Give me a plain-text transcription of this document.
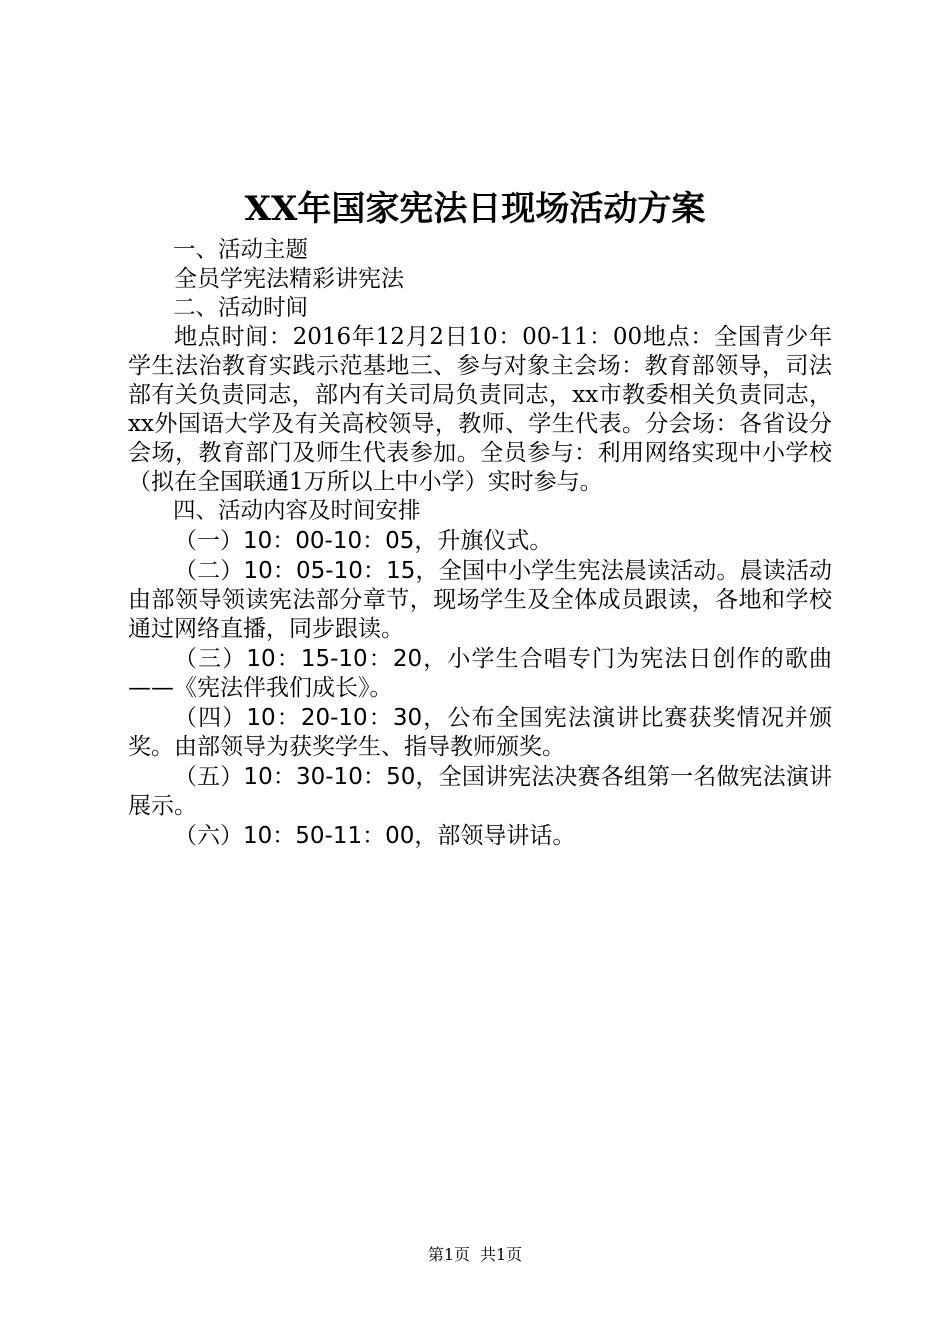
XX年国家宪法日现场活动方案

一、活动主题

全员学宪法精彩讲宪法

二、活动时间

地点时间：2016年12月2日10：00-11：00地点：全国青少年学生法治教育实践示范基地三、参与对象主会场：教育部领导，司法部有关负责同志，部内有关司局负责同志，xx市教委相关负责同志，xx外国语大学及有关高校领导，教师、学生代表。分会场：各省设分会场，教育部门及师生代表参加。全员参与：利用网络实现中小学校（拟在全国联通1万所以上中小学）实时参与。

四、活动内容及时间安排

（一）10：00-10：05，升旗仪式。

（二）10：05-10：15，全国中小学生宪法晨读活动。晨读活动由部领导领读宪法部分章节，现场学生及全体成员跟读，各地和学校通过网络直播，同步跟读。

（三）10：15-10：20，小学生合唱专门为宪法日创作的歌曲——《宪法伴我们成长》。

（四）10：20-10：30，公布全国宪法演讲比赛获奖情况并颁奖。由部领导为获奖学生、指导教师颁奖。

（五）10：30-10：50，全国讲宪法决赛各组第一名做宪法演讲展示。

（六）10：50-11：00，部领导讲话。

第1页 共1页
